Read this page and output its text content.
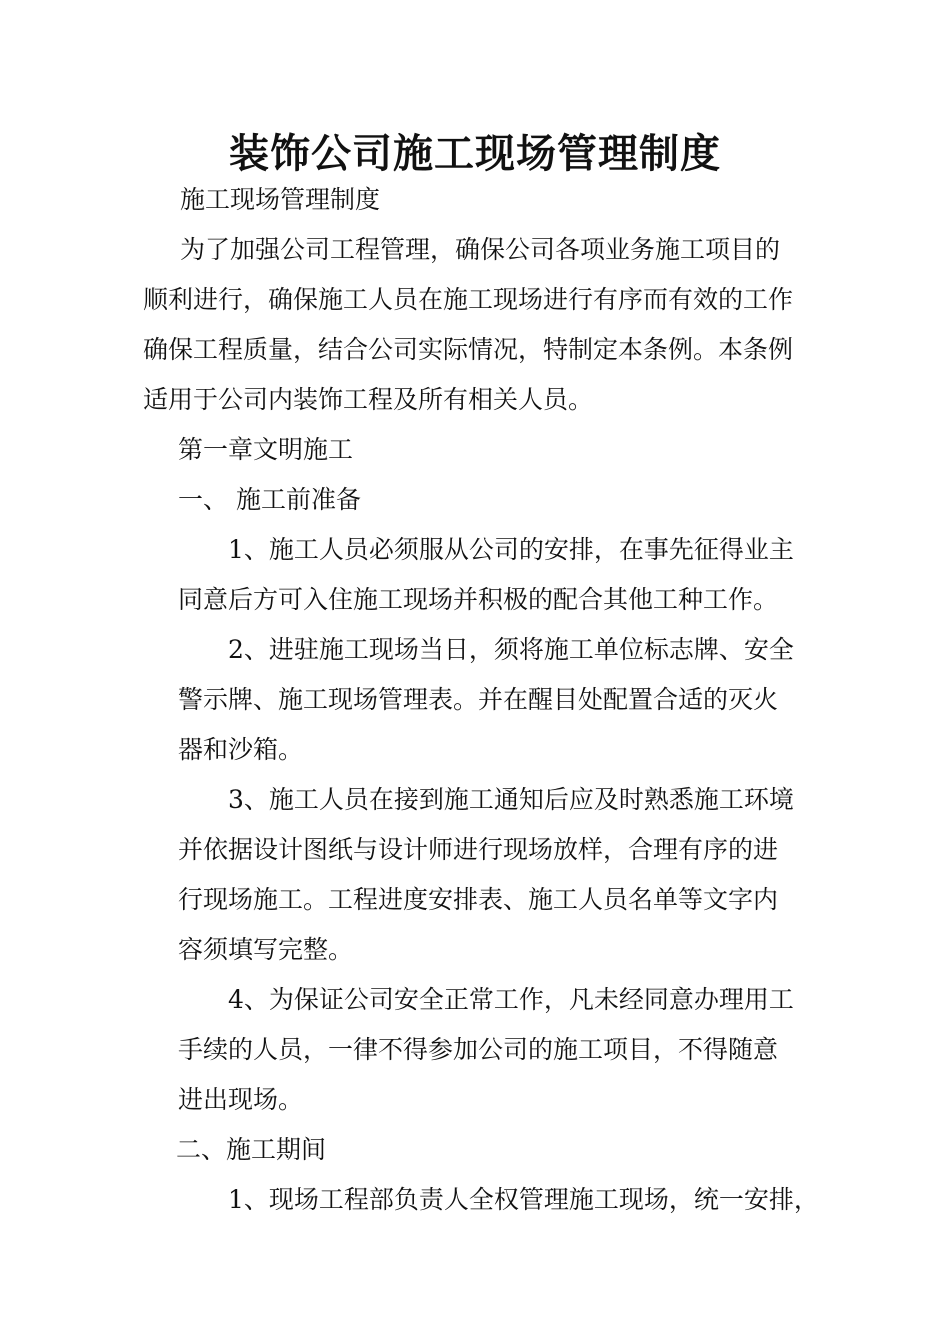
装饰公司施工现场管理制度

施工现场管理制度

为了加强公司工程管理，确保公司各项业务施工项目的

顺利进行，确保施工人员在施工现场进行有序而有效的工作

确保工程质量，结合公司实际情况，特制定本条例。本条例

适用于公司内装饰工程及所有相关人员。

第一章文明施工

一、 施工前准备

1、施工人员必须服从公司的安排，在事先征得业主

同意后方可入住施工现场并积极的配合其他工种工作。

2、进驻施工现场当日，须将施工单位标志牌、安全

警示牌、施工现场管理表。并在醒目处配置合适的灭火

器和沙箱。

3、施工人员在接到施工通知后应及时熟悉施工环境

并依据设计图纸与设计师进行现场放样，合理有序的进

行现场施工。工程进度安排表、施工人员名单等文字内

容须填写完整。

4、为保证公司安全正常工作，凡未经同意办理用工

手续的人员，一律不得参加公司的施工项目，不得随意

进出现场。

二、施工期间

1、现场工程部负责人全权管理施工现场，统一安排，
